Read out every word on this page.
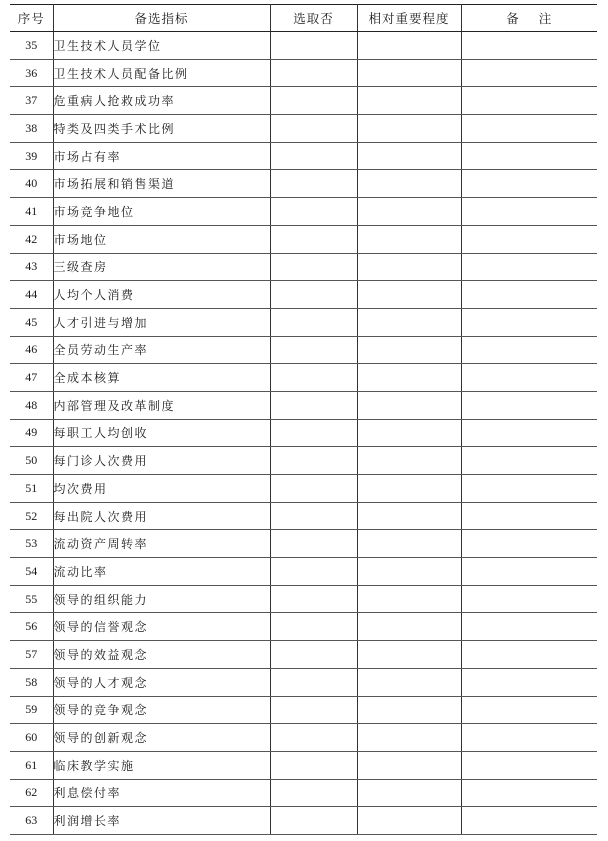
序号	备选指标	选取否	相对重要程度	备 注
35	卫生技术人员学位			
36	卫生技术人员配备比例			
37	危重病人抢救成功率			
38	特类及四类手术比例			
39	市场占有率			
40	市场拓展和销售渠道			
41	市场竞争地位			
42	市场地位			
43	三级查房			
44	人均个人消费			
45	人才引进与增加			
46	全员劳动生产率			
47	全成本核算			
48	内部管理及改革制度			
49	每职工人均创收			
50	每门诊人次费用			
51	均次费用			
52	每出院人次费用			
53	流动资产周转率			
54	流动比率			
55	领导的组织能力			
56	领导的信誉观念			
57	领导的效益观念			
58	领导的人才观念			
59	领导的竞争观念			
60	领导的创新观念			
61	临床教学实施			
62	利息偿付率			
63	利润增长率			
